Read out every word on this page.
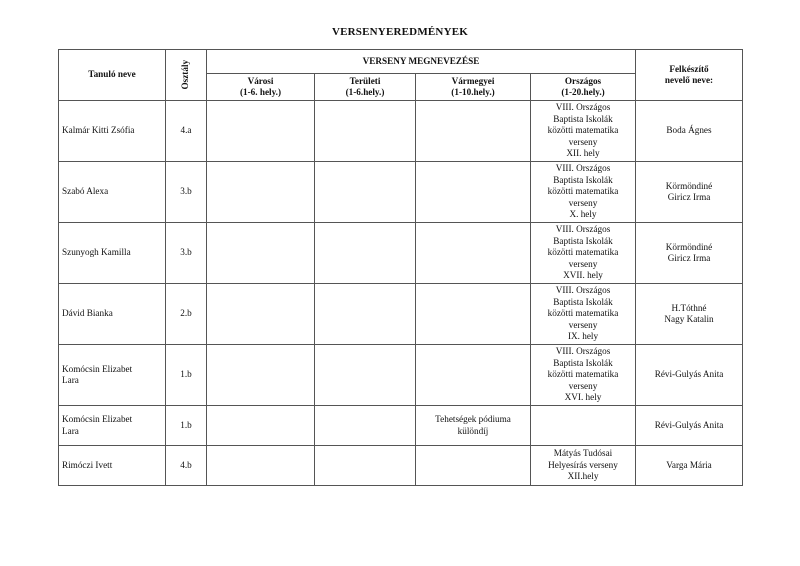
VERSENYEREDMÉNYEK
Tanuló neve	Osztály	VERSENY MEGNEVEZÉSE				Felkészítő
nevelő neve:
		Városi
(1-6. hely.)	Területi
(1-6.hely.)	Vármegyei
(1-10.hely.)	Országos
(1-20.hely.)	
Kalmár Kitti Zsófia	4.a				VIII. Országos
Baptista Iskolák
közötti matematika
verseny
XII. hely	Boda Ágnes
Szabó Alexa	3.b				VIII. Országos
Baptista Iskolák
közötti matematika
verseny
X. hely	Körmöndiné
Giricz Irma
Szunyogh Kamilla	3.b				VIII. Országos
Baptista Iskolák
közötti matematika
verseny
XVII. hely	Körmöndiné
Giricz Irma
Dávid Bianka	2.b				VIII. Országos
Baptista Iskolák
közötti matematika
verseny
IX. hely	H.Tóthné
Nagy Katalin
Komócsin Elizabet
Lara	1.b				VIII. Országos
Baptista Iskolák
közötti matematika
verseny
XVI. hely	Révi-Gulyás Anita
Komócsin Elizabet
Lara	1.b			Tehetségek pódiuma
különdíj		Révi-Gulyás Anita
Rimóczi Ivett	4.b				Mátyás Tudósai
Helyesírás verseny
XII.hely	Varga Mária
